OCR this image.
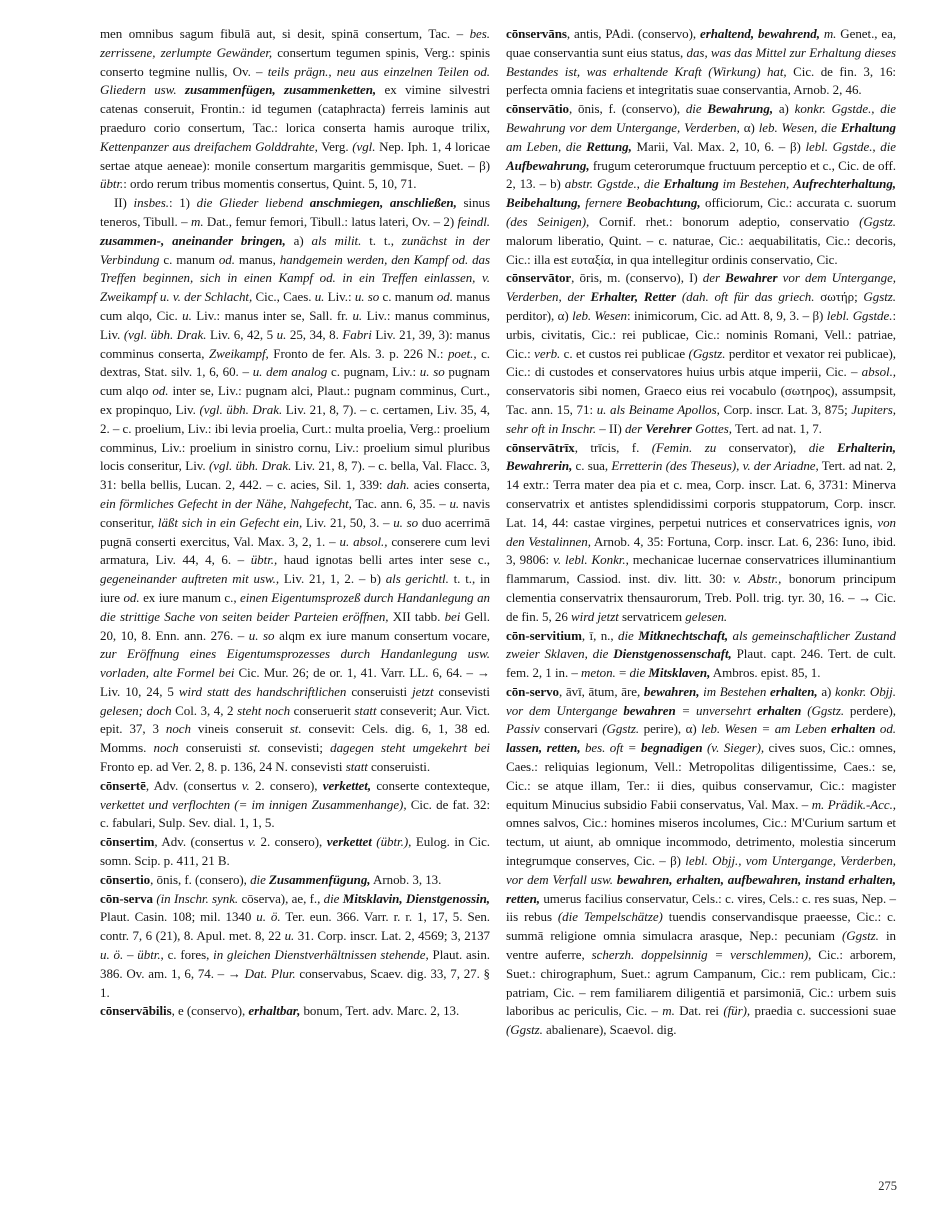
men omnibus sagum fibulā aut, si desit, spinā consertum, Tac. – bes. zerrissene, zerlumpte Gewänder, consertum tegumen spinis, Verg.: spinis conserto tegmine nullis, Ov. – teils prägn., neu aus einzelnen Teilen od. Gliedern usw. zusammenfügen, zusammenketten, ex vimine silvestri catenas conseruit, Frontin.: id tegumen (cataphracta) ferreis laminis aut praeduro corio consertum, Tac.: lorica conserta hamis auroque trilix, Kettenpanzer aus dreifachem Golddrahte, Verg. (vgl. Nep. Iph. 1, 4 loricae sertae atque aeneae): monile consertum margaritis gemmisque, Suet. – β) übtr.: ordo rerum tribus momentis consertus, Quint. 5, 10, 71.

II) insbes.: 1) die Glieder liebend anschmiegen, anschließen, sinus teneros, Tibull. – m. Dat., femur femori, Tibull.: latus lateri, Ov. – 2) feindl. zusammen-, aneinander bringen, a) als milit. t. t., zunächst in der Verbindung c. manum od. manus, handgemein werden, den Kampf od. das Treffen beginnen, sich in einen Kampf od. in ein Treffen einlassen, v. Zweikampf u. v. der Schlacht, Cic., Caes. u. Liv.: u. so c. manum od. manus cum alqo, Cic. u. Liv.: manus inter se, Sall. fr. u. Liv.: manus comminus, Liv. (vgl. übh. Drak. Liv. 6, 42, 5 u. 25, 34, 8. Fabri Liv. 21, 39, 3): manus comminus conserta, Zweikampf, Fronto de fer. Als. 3. p. 226 N.: poet., c. dextras, Stat. silv. 1, 6, 60. – u. dem analog c. pugnam, Liv.: u. so pugnam cum alqo od. inter se, Liv.: pugnam alci, Plaut.: pugnam comminus, Curt., ex propinquo, Liv. (vgl. übh. Drak. Liv. 21, 8, 7). – c. certamen, Liv. 35, 4, 2. – c. proelium, Liv.: ibi levia proelia, Curt.: multa proelia, Verg.: proelium comminus, Liv.: proelium in sinistro cornu, Liv.: proelium simul pluribus locis conseritur, Liv. (vgl. übh. Drak. Liv. 21, 8, 7). – c. bella, Val. Flacc. 3, 31: bella bellis, Lucan. 2, 442. – c. acies, Sil. 1, 339: dah. acies conserta, ein förmliches Gefecht in der Nähe, Nahgefecht, Tac. ann. 6, 35. – u. navis conseritur, läßt sich in ein Gefecht ein, Liv. 21, 50, 3. – u. so duo acerrimā pugnā conserti exercitus, Val. Max. 3, 2, 1. – u. absol., conserere cum levi armatura, Liv. 44, 4, 6. – übtr., haud ignotas belli artes inter sese c., gegeneinander auftreten mit usw., Liv. 21, 1, 2. – b) als gerichtl. t. t., in iure od. ex iure manum c., einen Eigentumsprozeß durch Handanlegung an die strittige Sache von seiten beider Parteien eröffnen, XII tabb. bei Gell. 20, 10, 8. Enn. ann. 276. – u. so alqm ex iure manum consertum vocare, zur Eröffnung eines Eigentumsprozesses durch Handanlegung usw. vorladen, alte Formel bei Cic. Mur. 26; de or. 1, 41. Varr. LL. 6, 64. – → Liv. 10, 24, 5 wird statt des handschriftlichen conseruisti jetzt consevisti gelesen; doch Col. 3, 4, 2 steht noch conseruerit statt conseverit; Aur. Vict. epit. 37, 3 noch vineis conseruit st. consevit: Cels. dig. 6, 1, 38 ed. Momms. noch conseruisti st. consevisti; dagegen steht umgekehrt bei Fronto ep. ad Ver. 2, 8. p. 136, 24 N. consevisti statt conseruisti.

cōnsertē, Adv. (consertus v. 2. consero), verkettet, conserte contexteque, verkettet und verflochten (= im innigen Zusammenhange), Cic. de fat. 32: c. fabulari, Sulp. Sev. dial. 1, 1, 5.

cōnsertim, Adv. (consertus v. 2. consero), verkettet (übtr.), Eulog. in Cic. somn. Scip. p. 411, 21 B.

cōnsertio, ōnis, f. (consero), die Zusammenfügung, Arnob. 3, 13.

cōn-serva (in Inschr. synk. cōserva), ae, f., die Mitsklavin, Dienstgenossin, Plaut. Casin. 108; mil. 1340 u. ö. Ter. eun. 366. Varr. r. r. 1, 17, 5. Sen. contr. 7, 6 (21), 8. Apul. met. 8, 22 u. 31. Corp. inscr. Lat. 2, 4569; 3, 2137 u. ö. – übtr., c. fores, in gleichen Dienstverhältnissen stehende, Plaut. asin. 386. Ov. am. 1, 6, 74. – → Dat. Plur. conservabus, Scaev. dig. 33, 7, 27. § 1.

cōnservābilis, e (conservo), erhaltbar, bonum, Tert. adv. Marc. 2, 13.

cōnservāns, antis, PAdi. (conservo), erhaltend, bewahrend, m. Genet., ea, quae conservantia sunt eius status, das, was das Mittel zur Erhaltung dieses Bestandes ist, was erhaltende Kraft (Wirkung) hat, Cic. de fin. 3, 16: perfecta omnia faciens et integritatis suae conservantia, Arnob. 2, 46.

cōnservātio, ōnis, f. (conservo), die Bewahrung, a) konkr. Ggstde., die Bewahrung vor dem Untergange, Verderben, α) leb. Wesen, die Erhaltung am Leben, die Rettung, Marii, Val. Max. 2, 10, 6. – β) lebl. Ggstde., die Aufbewahrung, frugum ceterorumque fructuum perceptio et c., Cic. de off. 2, 13. – b) abstr. Ggstde., die Erhaltung im Bestehen, Aufrechterhaltung, Beibehaltung, fernere Beobachtung, officiorum, Cic.: accurata c. suorum (des Seinigen), Cornif. rhet.: bonorum adeptio, conservatio (Ggstz. malorum liberatio, Quint. – c. naturae, Cic.: aequabilitatis, Cic.: decoris, Cic.: illa est ευταξία, in qua intellegitur ordinis conservatio, Cic.

cōnservātor, ōris, m. (conservo), I) der Bewahrer vor dem Untergange, Verderben, der Erhalter, Retter (dah. oft für das griech. σωτήρ; Ggstz. perditor), α) leb. Wesen: inimicorum, Cic. ad Att. 8, 9, 3. – β) lebl. Ggstde.: urbis, civitatis, Cic.: rei publicae, Cic.: nominis Romani, Vell.: patriae, Cic.: verb. c. et custos rei publicae (Ggstz. perditor et vexator rei publicae), Cic.: di custodes et conservatores huius urbis atque imperii, Cic. – absol., conservatoris sibi nomen, Graeco eius rei vocabulo (σωτηρος), assumpsit, Tac. ann. 15, 71: u. als Beiname Apollos, Corp. inscr. Lat. 3, 875; Jupiters, sehr oft in Inschr. – II) der Verehrer Gottes, Tert. ad nat. 1, 7.

cōnservātrīx, trīcis, f. (Femin. zu conservator), die Erhalterin, Bewahrerin, c. sua, Erretterin (des Theseus), v. der Ariadne, Tert. ad nat. 2, 14 extr.: Terra mater dea pia et c. mea, Corp. inscr. Lat. 6, 3731: Minerva conservatrix et antistes splendidissimi corporis stuppatorum, Corp. inscr. Lat. 14, 44: castae virgines, perpetui nutrices et conservatrices ignis, von den Vestalinnen, Arnob. 4, 35: Fortuna, Corp. inscr. Lat. 6, 236: Iuno, ibid. 3, 9806: v. lebl. Konkr., mechanicae lucernae conservatrices illuminantium flammarum, Cassiod. inst. div. litt. 30: v. Abstr., bonorum principum clementia conservatrix thensaurorum, Treb. Poll. trig. tyr. 30, 16. – → Cic. de fin. 5, 26 wird jetzt servatricem gelesen.

cōn-servitium, ī, n., die Mitknechtschaft, als gemeinschaftlicher Zustand zweier Sklaven, die Dienstgenossenschaft, Plaut. capt. 246. Tert. de cult. fem. 2, 1 in. – meton. = die Mitsklaven, Ambros. epist. 85, 1.

cōn-servo, āvī, ātum, āre, bewahren, im Bestehen erhalten, a) konkr. Objj. vor dem Untergange bewahren = unversehrt erhalten (Ggstz. perdere), Passiv conservari (Ggstz. perire), α) leb. Wesen = am Leben erhalten od. lassen, retten, bes. oft = begnadigen (v. Sieger), cives suos, Cic.: omnes, Caes.: reliquias legionum, Vell.: Metropolitas diligentissime, Caes.: se, Cic.: se atque illam, Ter.: ii dies, quibus conservamur, Cic.: magister equitum Minucius subsidio Fabii conservatus, Val. Max. – m. Prädik.-Acc., omnes salvos, Cic.: homines miseros incolumes, Cic.: M'Curium sartum et tectum, ut aiunt, ab omnique incommodo, detrimento, molestia sincerum integrumque conserves, Cic. – β) lebl. Objj., vom Untergange, Verderben, vor dem Verfall usw. bewahren, erhalten, aufbewahren, instand erhalten, retten, umerus facilius conservatur, Cels.: c. vires, Cels.: c. res suas, Nep. – iis rebus (die Tempelschätze) tuendis conservandisque praeesse, Cic.: c. summā religione omnia simulacra arasque, Nep.: pecuniam (Ggstz. in ventre auferre, scherzh. doppelsinnig = verschlemmen), Cic.: arborem, Suet.: chirographum, Suet.: agrum Campanum, Cic.: rem publicam, Cic.: patriam, Cic. – rem familiarem diligentiā et parsimoniā, Cic.: urbem suis laboribus ac periculis, Cic. – m. Dat. rei (für), praedia c. successioni suae (Ggstz. abalienare), Scaevol. dig.

275
